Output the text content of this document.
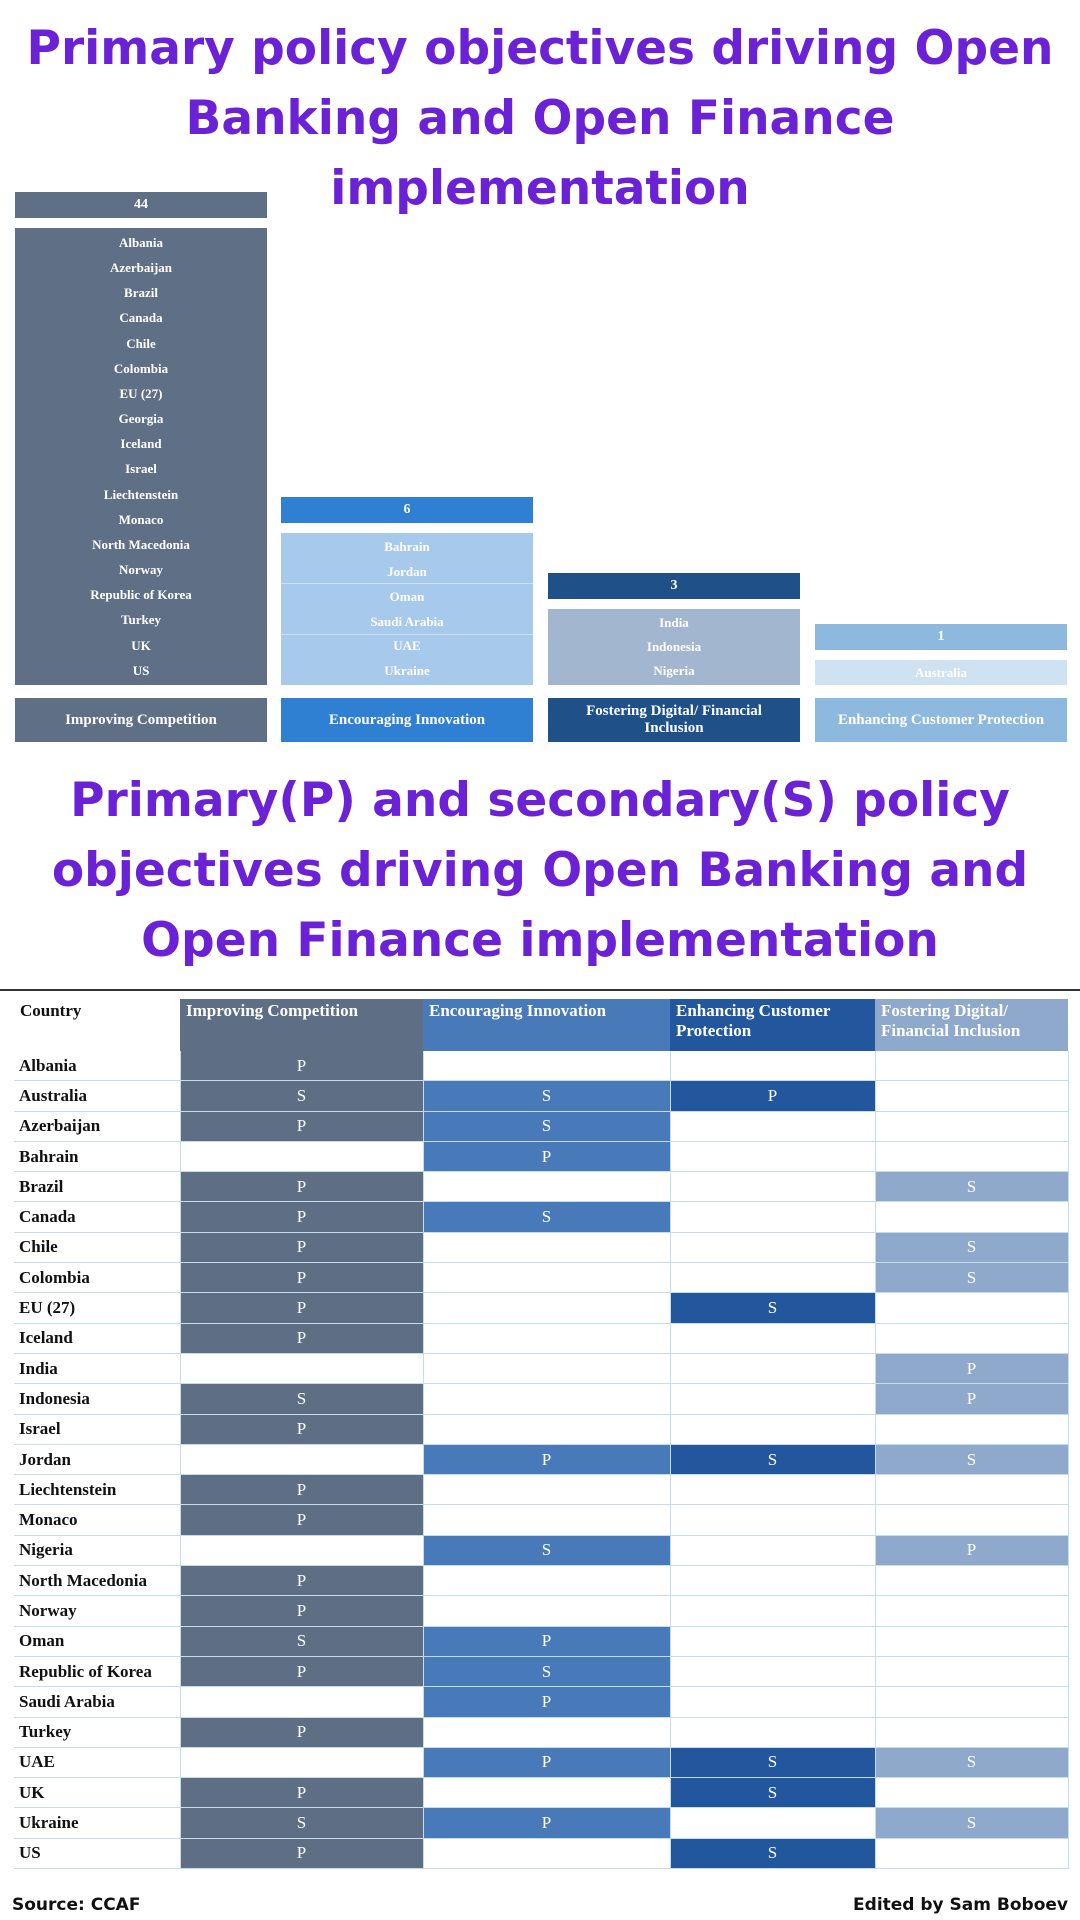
Primary policy objectives driving Open Banking and Open Finance implementation
44
Albania
Azerbaijan
Brazil
Canada
Chile
Colombia
EU (27)
Georgia
Iceland
Israel
Liechtenstein
Monaco
North Macedonia
Norway
Republic of Korea
Turkey
UK
US
Improving Competition
6
Bahrain
Jordan
Oman
Saudi Arabia
UAE
Ukraine
Encouraging Innovation
3
India
Indonesia
Nigeria
Fostering Digital/ Financial Inclusion
1
Australia
Enhancing Customer Protection
Primary(P) and secondary(S) policy objectives driving Open Banking and Open Finance implementation
Country	Improving Competition	Encouraging Innovation	Enhancing Customer Protection	Fostering Digital/ Financial Inclusion
Albania	P			
Australia	S	S	P	
Azerbaijan	P	S		
Bahrain		P		
Brazil	P			S
Canada	P	S		
Chile	P			S
Colombia	P			S
EU (27)	P		S	
Iceland	P			
India				P
Indonesia	S			P
Israel	P			
Jordan		P	S	S
Liechtenstein	P			
Monaco	P			
Nigeria		S		P
North Macedonia	P			
Norway	P			
Oman	S	P		
Republic of Korea	P	S		
Saudi Arabia		P		
Turkey	P			
UAE		P	S	S
UK	P		S	
Ukraine	S	P		S
US	P		S	
Source: CCAF	Edited by Sam Boboev
